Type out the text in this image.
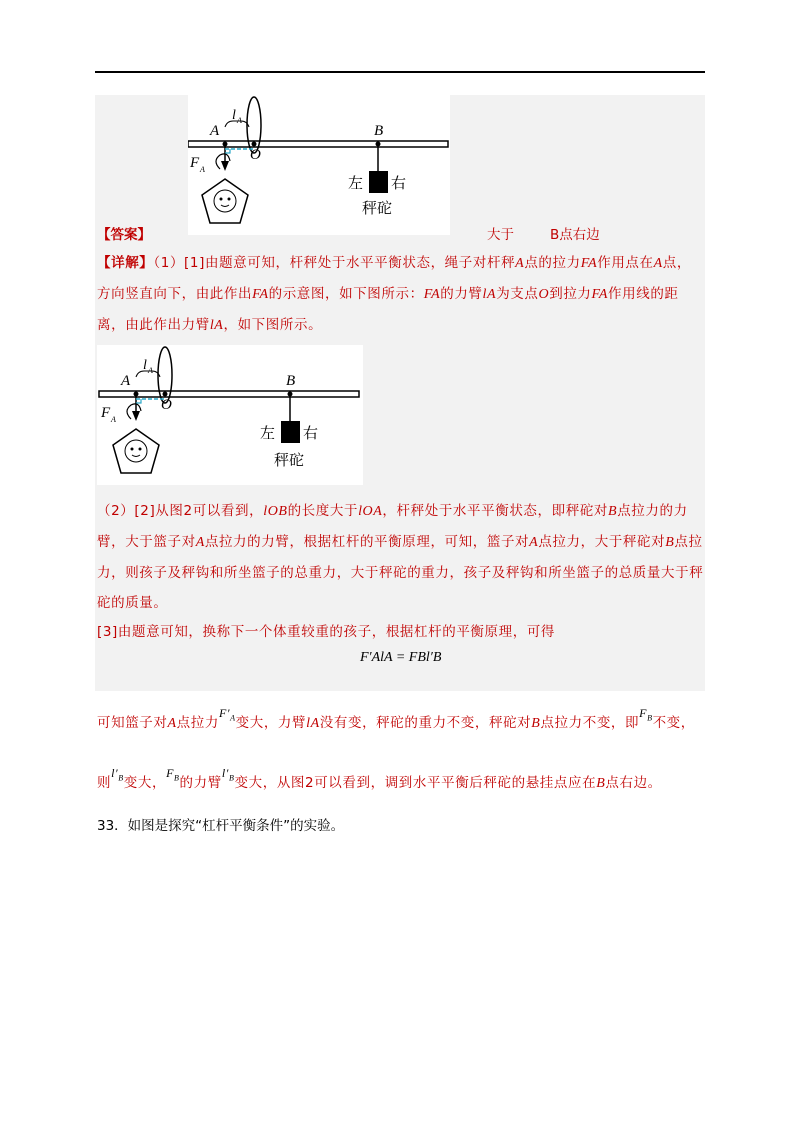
A
l A
O
B
F A
左 右
秤砣
【答案】	大于	B点右边
【详解】（1）[1]由题意可知，杆秤处于水平平衡状态，绳子对杆秤A点的拉力FA作用点在A点，方向竖直向下，由此作出FA的示意图，如下图所示：FA的力臂lA为支点O到拉力FA作用线的距离，由此作出力臂lA，如下图所示。
A
l A
O
B
F A
左 右
秤砣
（2）[2]从图2可以看到，lOB的长度大于lOA，杆秤处于水平平衡状态，即秤砣对B点拉力的力臂，大于篮子对A点拉力的力臂，根据杠杆的平衡原理，可知，篮子对A点拉力，大于秤砣对B点拉力，则孩子及秤钩和所坐篮子的总重力，大于秤砣的重力，孩子及秤钩和所坐篮子的总质量大于秤砣的质量。
[3]由题意可知，换称下一个体重较重的孩子，根据杠杆的平衡原理，可得
F′AlA = FBl′B
可知篮子对A点拉力$F'_A$变大，力臂lA没有变，秤砣的重力不变，秤砣对B点拉力不变，即$F_B$不变，
则$l'_B$变大，$F_B$的力臂$l'_B$变大，从图2可以看到，调到水平平衡后秤砣的悬挂点应在B点右边。
33．如图是探究“杠杆平衡条件”的实验。
